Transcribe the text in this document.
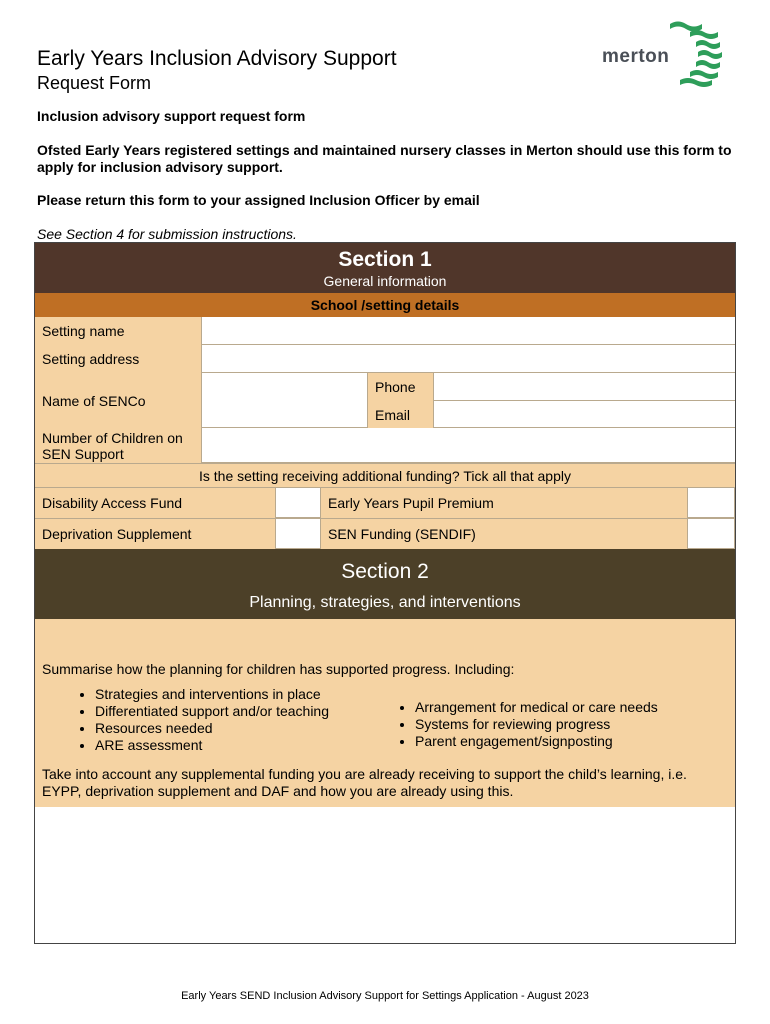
Early Years Inclusion Advisory Support
Request Form
merton
Inclusion advisory support request form
Ofsted Early Years registered settings and maintained nursery classes in Merton should use this form to apply for inclusion advisory support.
Please return this form to your assigned Inclusion Officer by email
See Section 4 for submission instructions.
Section 1
General information
School /setting details
Setting name
Setting address
Name of SENCo
Phone
Email
Number of Children on SEN Support
Is the setting receiving additional funding? Tick all that apply
Disability Access Fund	Early Years Pupil Premium
Deprivation Supplement	SEN Funding (SENDIF)
Section 2
Planning, strategies, and interventions

Summarise how the planning for children has supported progress. Including:

• Strategies and interventions in place
• Differentiated support and/or teaching
• Resources needed
• ARE assessment
• Arrangement for medical or care needs
• Systems for reviewing progress
• Parent engagement/signposting

Take into account any supplemental funding you are already receiving to support the child’s learning, i.e. EYPP, deprivation supplement and DAF and how you are already using this.

Early Years SEND Inclusion Advisory Support for Settings Application - August 2023
